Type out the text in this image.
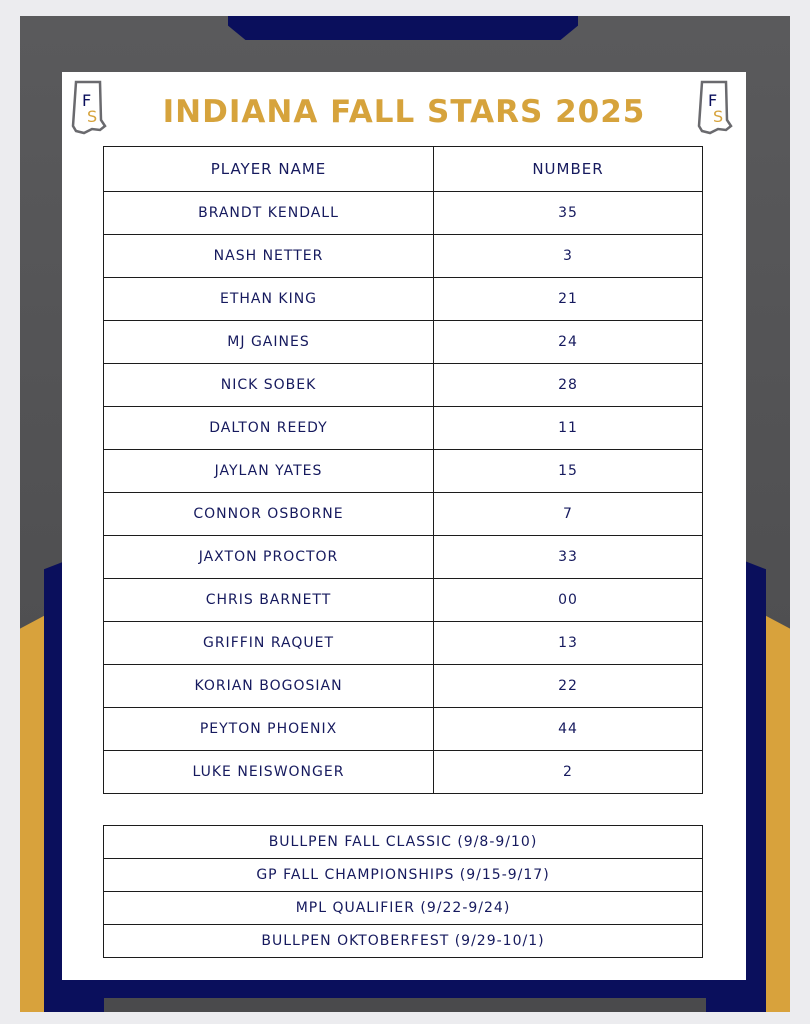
F
S	INDIANA FALL STARS 2025	F
S
PLAYER NAME	NUMBER
BRANDT KENDALL	35
NASH NETTER	3
ETHAN KING	21
MJ GAINES	24
NICK SOBEK	28
DALTON REEDY	11
JAYLAN YATES	15
CONNOR OSBORNE	7
JAXTON PROCTOR	33
CHRIS BARNETT	00
GRIFFIN RAQUET	13
KORIAN BOGOSIAN	22
PEYTON PHOENIX	44
LUKE NEISWONGER	2
BULLPEN FALL CLASSIC (9/8-9/10)
GP FALL CHAMPIONSHIPS (9/15-9/17)
MPL QUALIFIER (9/22-9/24)
BULLPEN OKTOBERFEST (9/29-10/1)
